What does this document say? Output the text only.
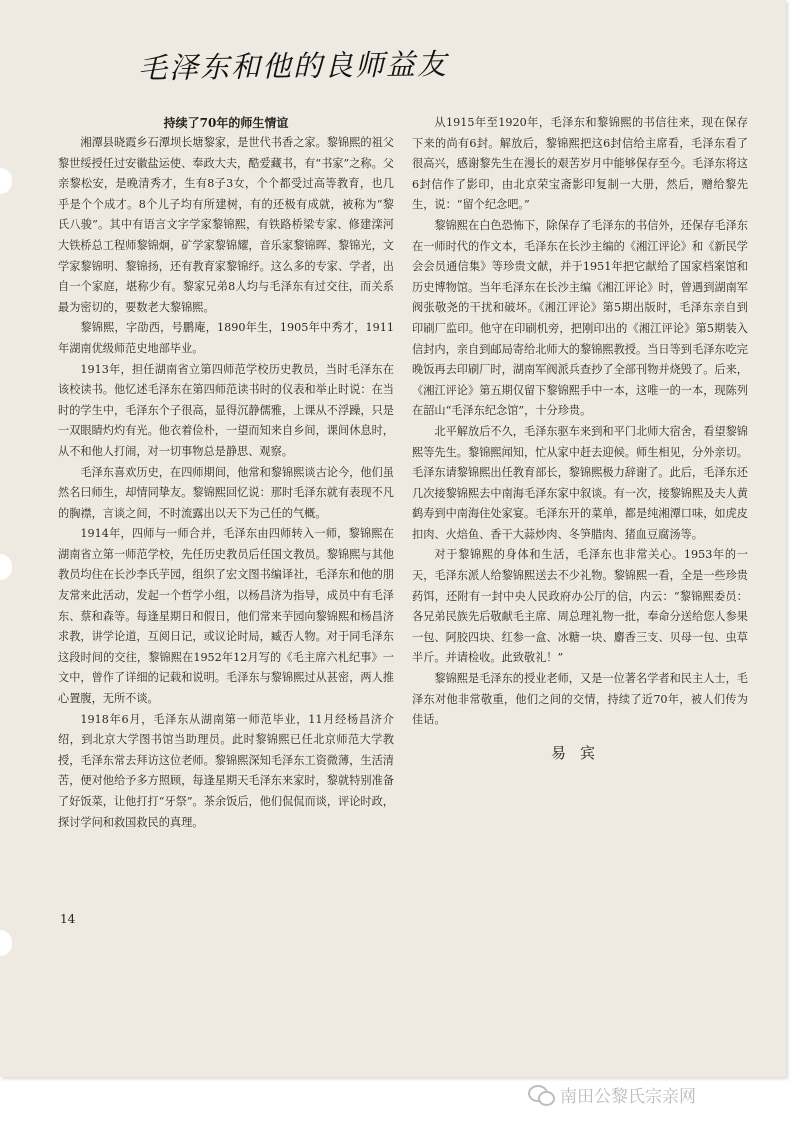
毛泽东和他的良师益友
持续了70年的师生情谊

湘潭县晓霞乡石潭坝长塘黎家，是世代书香之家。黎锦熙的祖父黎世绥授任过安徽盐运使、奉政大夫，酷爱藏书，有“书家”之称。父亲黎松安，是晚清秀才，生有8子3女，个个都受过高等教育，也几乎是个个成才。8个儿子均有所建树，有的还极有成就，被称为“黎氏八骏”。其中有语言文字学家黎锦熙，有铁路桥梁专家、修建滦河大铁桥总工程师黎锦炯，矿学家黎锦耀，音乐家黎锦晖、黎锦光，文学家黎锦明、黎锦扬，还有教育家黎锦纾。这么多的专家、学者，出自一个家庭，堪称少有。黎家兄弟8人均与毛泽东有过交往，而关系最为密切的，要数老大黎锦熙。

黎锦熙，字劭西，号鹏庵，1890年生，1905年中秀才，1911年湖南优级师范史地部毕业。

1913年，担任湖南省立第四师范学校历史教员，当时毛泽东在该校读书。他忆述毛泽东在第四师范读书时的仪表和举止时说：在当时的学生中，毛泽东个子很高，显得沉静儒雅，上课从不浮躁，只是一双眼睛灼灼有光。他衣着俭朴，一望而知来自乡间，课间休息时，从不和他人打闹，对一切事物总是静思、观察。

毛泽东喜欢历史，在四师期间，他常和黎锦熙谈古论今，他们虽然名曰师生，却情同挚友。黎锦熙回忆说：那时毛泽东就有表现不凡的胸襟，言谈之间，不时流露出以天下为己任的气概。

1914年，四师与一师合并，毛泽东由四师转入一师，黎锦熙在湖南省立第一师范学校，先任历史教员后任国文教员。黎锦熙与其他教员均住在长沙李氏芋园，组织了宏文图书编译社，毛泽东和他的朋友常来此活动，发起一个哲学小组，以杨昌济为指导，成员中有毛泽东、蔡和森等。每逢星期日和假日，他们常来芋园向黎锦熙和杨昌济求教，讲学论道，互阅日记，或议论时局，臧否人物。对于同毛泽东这段时间的交往，黎锦熙在1952年12月写的《毛主席六札纪事》一文中，曾作了详细的记载和说明。毛泽东与黎锦熙过从甚密，两人推心置腹，无所不谈。

1918年6月，毛泽东从湖南第一师范毕业，11月经杨昌济介绍，到北京大学图书馆当助理员。此时黎锦熙已任北京师范大学教授，毛泽东常去拜访这位老师。黎锦熙深知毛泽东工资微薄，生活清苦，便对他给予多方照顾，每逢星期天毛泽东来家时，黎就特别准备了好饭菜，让他打打“牙祭”。茶余饭后，他们侃侃而谈，评论时政，探讨学问和救国救民的真理。

从1915年至1920年，毛泽东和黎锦熙的书信往来，现在保存下来的尚有6封。解放后，黎锦熙把这6封信给主席看，毛泽东看了很高兴，感谢黎先生在漫长的艰苦岁月中能够保存至今。毛泽东将这6封信作了影印，由北京荣宝斋影印复制一大册，然后，赠给黎先生，说：“留个纪念吧。”

黎锦熙在白色恐怖下，除保存了毛泽东的书信外，还保存毛泽东在一师时代的作文本，毛泽东在长沙主编的《湘江评论》和《新民学会会员通信集》等珍贵文献，并于1951年把它献给了国家档案馆和历史博物馆。当年毛泽东在长沙主编《湘江评论》时，曾遇到湖南军阀张敬尧的干扰和破坏。《湘江评论》第5期出版时，毛泽东亲自到印刷厂监印。他守在印刷机旁，把刚印出的《湘江评论》第5期装入信封内，亲自到邮局寄给北师大的黎锦熙教授。当日等到毛泽东吃完晚饭再去印刷厂时，湖南军阀派兵查抄了全部刊物并烧毁了。后来，《湘江评论》第五期仅留下黎锦熙手中一本，这唯一的一本，现陈列在韶山“毛泽东纪念馆”，十分珍贵。

北平解放后不久，毛泽东驱车来到和平门北师大宿舍，看望黎锦熙等先生。黎锦熙闻知，忙从家中赶去迎候。师生相见，分外亲切。毛泽东请黎锦熙出任教育部长，黎锦熙极力辞谢了。此后，毛泽东还几次接黎锦熙去中南海毛泽东家中叙谈。有一次，接黎锦熙及夫人黄鹤寿到中南海住处家宴。毛泽东开的菜单，都是纯湘潭口味，如虎皮扣肉、火焙鱼、香干大蒜炒肉、冬笋腊肉、猪血豆腐汤等。

对于黎锦熙的身体和生活，毛泽东也非常关心。1953年的一天，毛泽东派人给黎锦熙送去不少礼物。黎锦熙一看，全是一些珍贵药饵，还附有一封中央人民政府办公厅的信，内云：“黎锦熙委员：各兄弟民族先后敬献毛主席、周总理礼物一批，奉命分送给您人参果一包、阿胶四块、红参一盒、冰糖一块、麝香三支、贝母一包、虫草半斤。并请检收。此致敬礼！”

黎锦熙是毛泽东的授业老师，又是一位著名学者和民主人士，毛泽东对他非常敬重，他们之间的交情，持续了近70年，被人们传为佳话。

易宾
14
南田公黎氏宗亲网
